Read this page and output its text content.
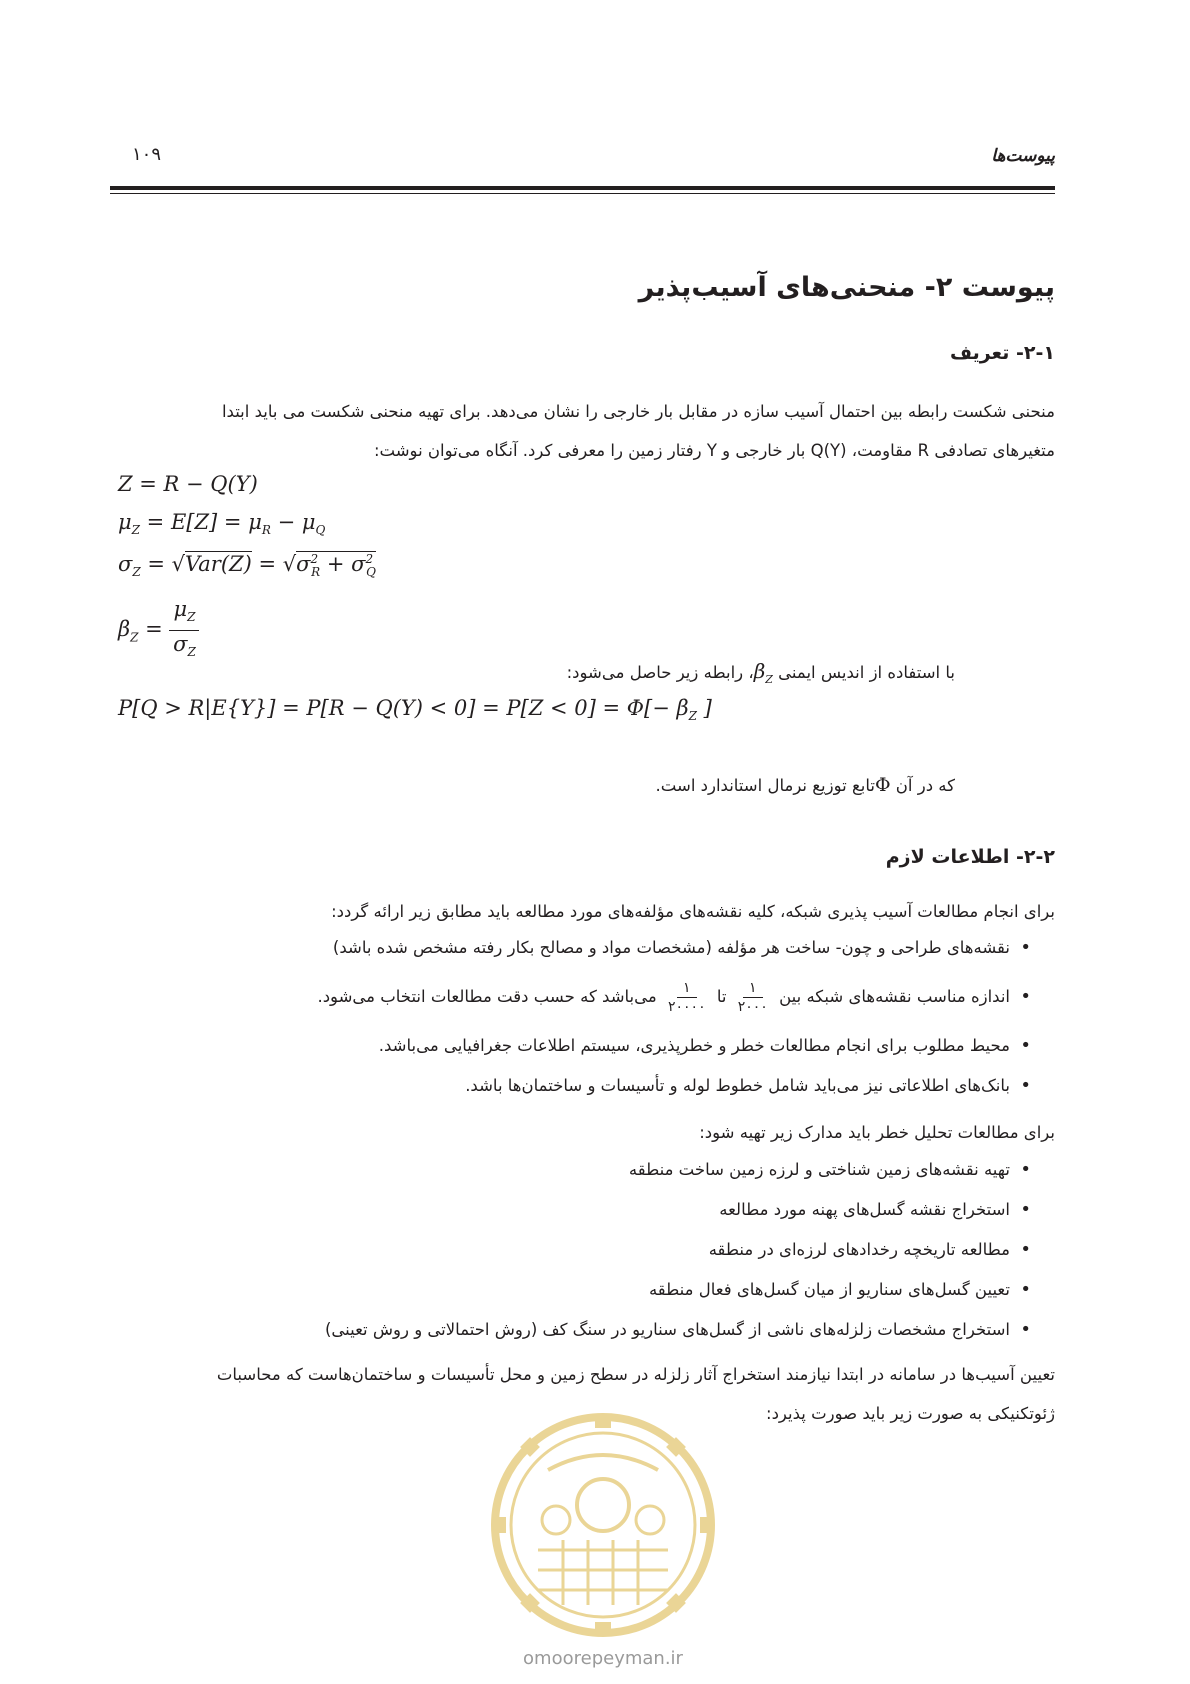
پیوست‌ها
۱۰۹
پیوست ۲- منحنی‌های آسیب‌پذیر
۲-۱- تعریف
منحنی شکست رابطه بین احتمال آسیب سازه در مقابل بار خارجی را نشان می‌دهد. برای تهیه منحنی شکست می باید ابتدا
متغیرهای تصادفی R مقاومت، Q(Y) بار خارجی و Y رفتار زمین را معرفی کرد. آنگاه می‌توان نوشت:
Z = R − Q(Y)
$\mu_Z = E[Z] = \mu_R - \mu_Q$
$\sigma_Z = √Var(Z) = √\sigma^2_R + \sigma^2_Q$
$\beta_Z = \frac{\mu_Z}{\sigma_Z}$
با استفاده از اندیس ایمنی $\beta_Z،$ رابطه زیر حاصل می‌شود:
$P[Q > R|E\{Y\}] = P[R - Q(Y) < 0] = P[Z < 0] = \Phi[- \beta_Z$ ]
که در آن Φتابع توزیع نرمال استاندارد است.
۲-۲- اطلاعات لازم
برای انجام مطالعات آسیب پذیری شبکه، کلیه نقشه‌های مؤلفه‌های مورد مطالعه باید مطابق زیر ارائه گردد:
• نقشه‌های طراحی و چون- ساخت هر مؤلفه (مشخصات مواد و مصالح بکار رفته مشخص شده باشد)
• اندازه مناسب نقشه‌های شبکه بین
$\frac{۱}{۲۰۰۰}$
تا
$\frac{۱}{۲۰۰۰۰}$
می‌باشد که حسب دقت مطالعات انتخاب می‌شود.
• محیط مطلوب برای انجام مطالعات خطر و خطرپذیری، سیستم اطلاعات جغرافیایی می‌باشد.
• بانک‌های اطلاعاتی نیز می‌باید شامل خطوط لوله و تأسیسات و ساختمان‌ها باشد.
برای مطالعات تحلیل خطر باید مدارک زیر تهیه شود:
• تهیه نقشه‌های زمین شناختی و لرزه زمین ساخت منطقه
• استخراج نقشه گسل‌های پهنه مورد مطالعه
• مطالعه تاریخچه رخدادهای لرزه‌ای در منطقه
• تعیین گسل‌های سناریو از میان گسل‌های فعال منطقه
• استخراج مشخصات زلزله‌های ناشی از گسل‌های سناریو در سنگ کف (روش احتمالاتی و روش تعینی)
تعیین آسیب‌ها در سامانه در ابتدا نیازمند استخراج آثار زلزله در سطح زمین و محل تأسیسات و ساختمان‌هاست که محاسبات
ژئوتکنیکی به صورت زیر باید صورت پذیرد:
omoorepeyman.ir
